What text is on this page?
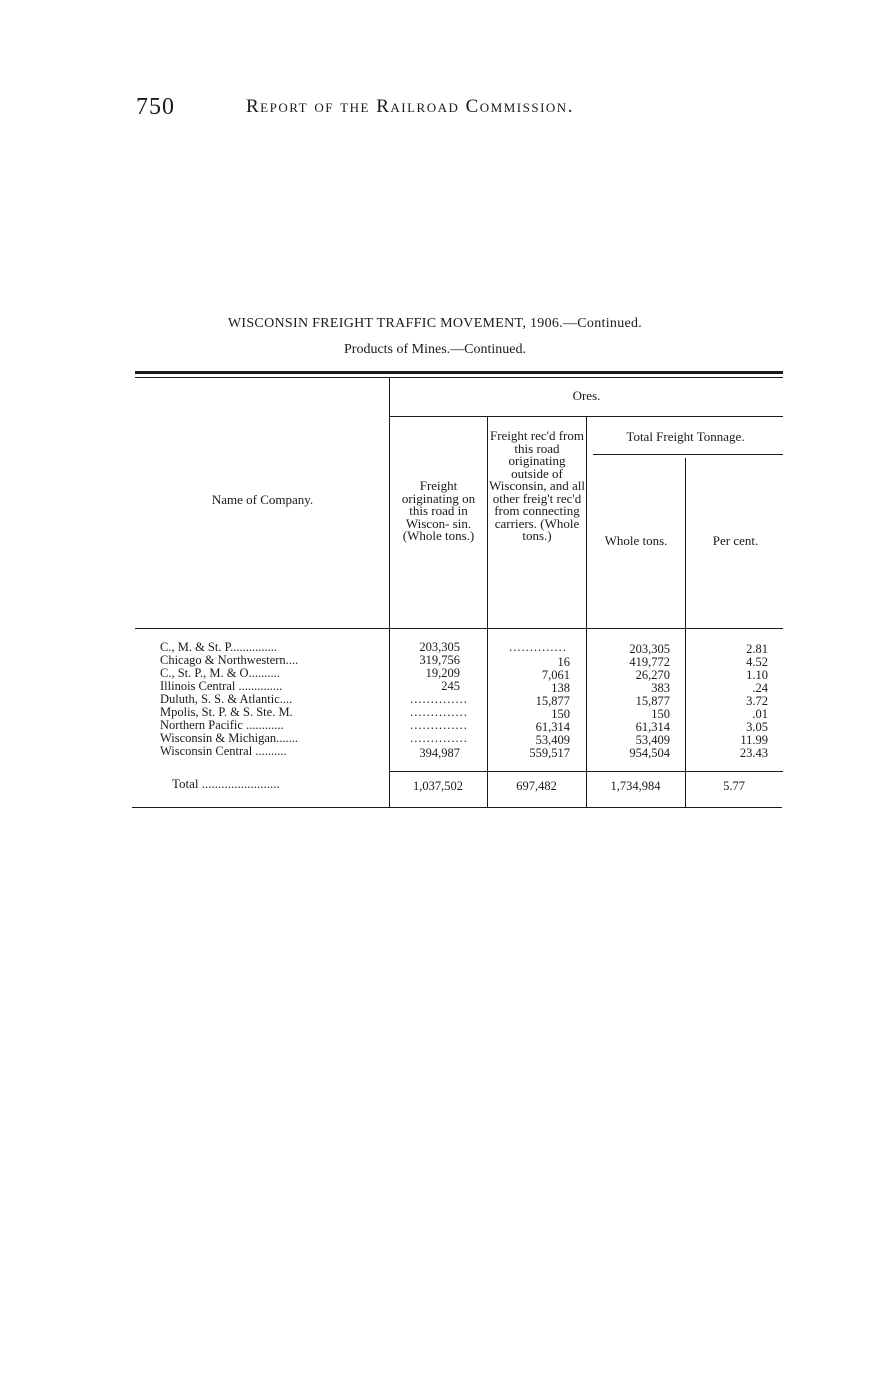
750	Report of the Railroad Commission.
WISCONSIN FREIGHT TRAFFIC MOVEMENT, 1906.—Continued.
Products of Mines.—Continued.
Name of Company.
Ores.
Freight originating on this road in Wiscon- sin. (Whole tons.)
Freight rec'd from this road originating outside of Wisconsin, and all other freig't rec'd from connecting carriers. (Whole tons.)
Total Freight Tonnage.
Whole tons.	Per cent.
C., M. & St. P...............	203,305	..............	203,305	2.81
Chicago & Northwestern....	319,756	16	419,772	4.52
C., St. P., M. & O..........	19,209	7,061	26,270	1.10
Illinois Central ..............	245	138	383	.24
Duluth, S. S. & Atlantic....	..............	15,877	15,877	3.72
Mpolis, St. P. & S. Ste. M.	..............	150	150	.01
Northern Pacific ............	..............	61,314	61,314	3.05
Wisconsin & Michigan.......	..............	53,409	53,409	11.99
Wisconsin Central ..........	394,987	559,517	954,504	23.43
Total ........................	1,037,502	697,482	1,734,984	5.77
